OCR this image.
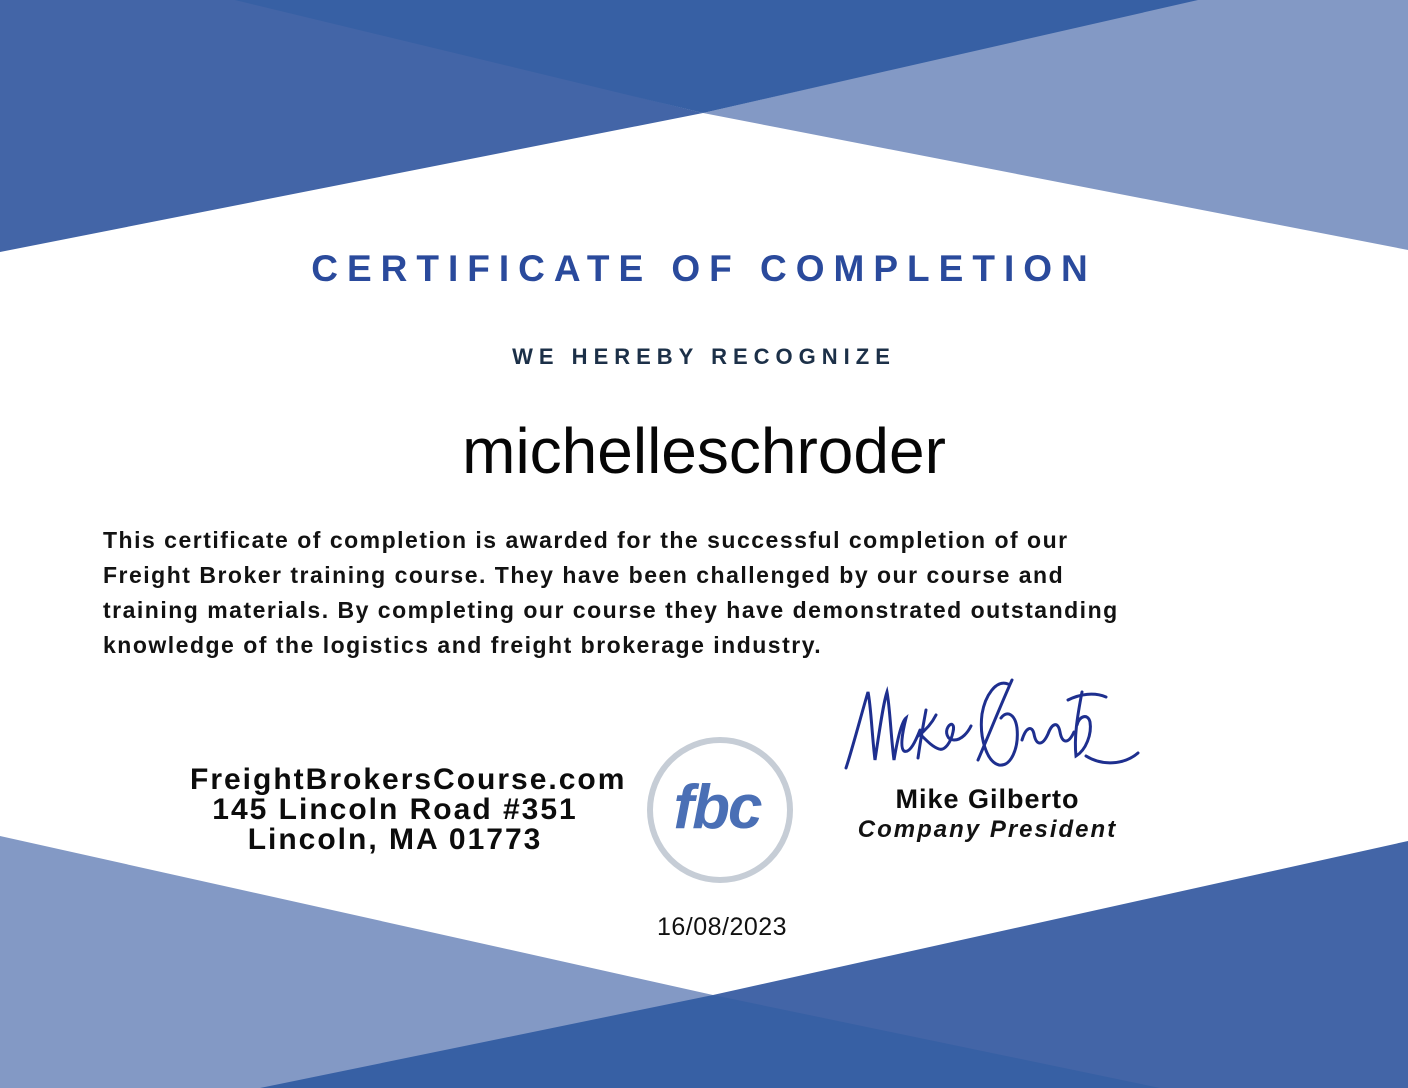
CERTIFICATE OF COMPLETION
WE HEREBY RECOGNIZE
michelleschroder
This certificate of completion is awarded for the successful completion of our
Freight Broker training course. They have been challenged by our course and
training materials. By completing our course they have demonstrated outstanding
knowledge of the logistics and freight brokerage industry.
FreightBrokersCourse.com
145 Lincoln Road #351
Lincoln, MA 01773	fbc	Mike Gilberto
Company President
16/08/2023
